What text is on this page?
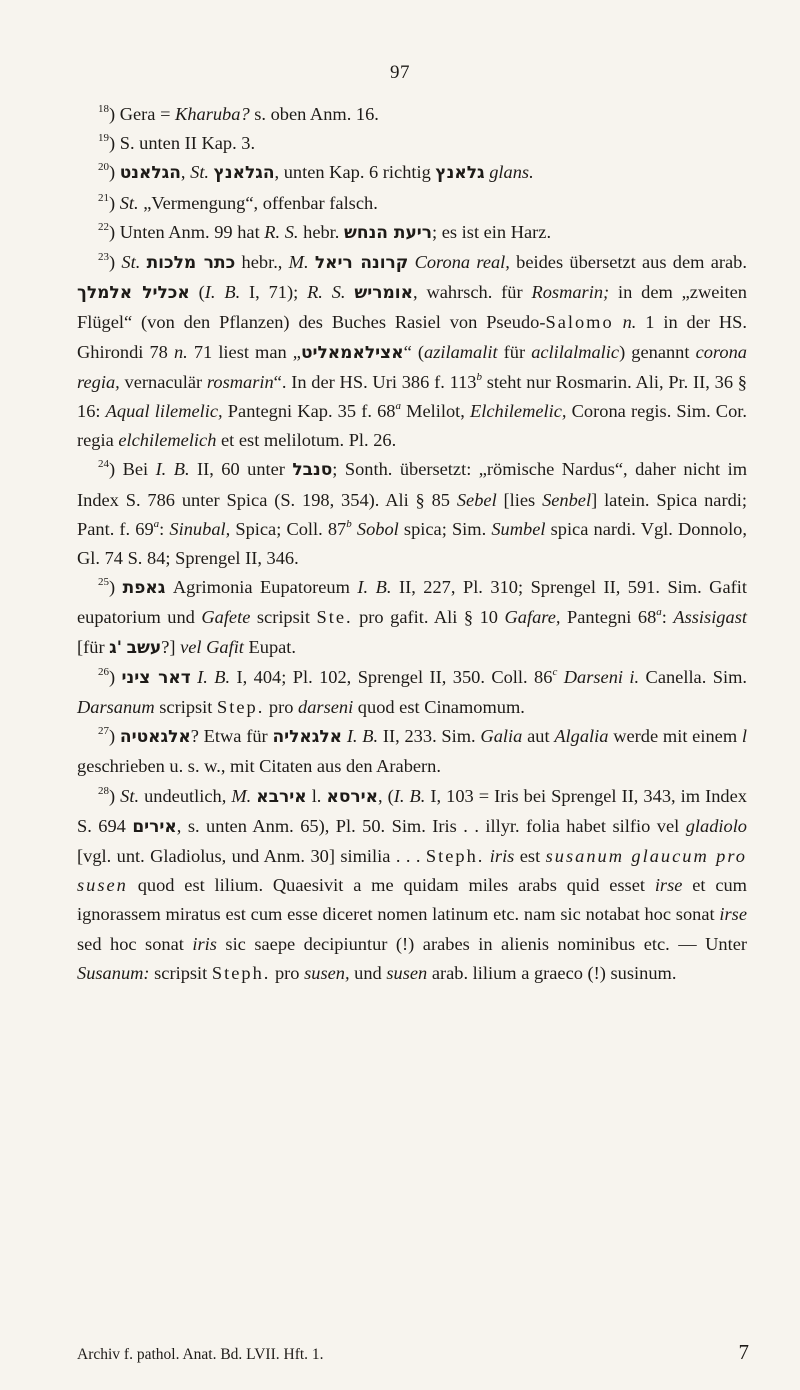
97

$^{18}$) Gera = Kharuba? s. oben Anm. 16.

$^{19}$) S. unten II Kap. 3.

$^{20}$) הגלאנט, St. הגלאנץ, unten Kap. 6 richtig גלאנץ glans.

$^{21}$) St. „Vermengung“, offenbar falsch.

$^{22}$) Unten Anm. 99 hat R. S. hebr. ריעת הנחש; es ist ein Harz.

$^{23}$) St. כתר מלכות hebr., M. קרונה ריאל Corona real, beides übersetzt aus dem arab. אכליל אלמלך (I. B. I, 71); R. S. אומריש, wahrsch. für Rosmarin; in dem „zweiten Flügel“ (von den Pflanzen) des Buches Rasiel von Pseudo-Salomo n. 1 in der HS. Ghirondi 78 n. 71 liest man „אצילאמאליט“ (azilamalit für aclilalmalic) genannt corona regia, vernaculär rosmarin“. In der HS. Uri 386 f. 113$^b$ steht nur Rosmarin. Ali, Pr. II, 36 § 16: Aqual lilemelic, Pantegni Kap. 35 f. 68$^a$ Melilot, Elchilemelic, Corona regis. Sim. Cor. regia elchilemelich et est melilotum. Pl. 26.

$^{24}$) Bei I. B. II, 60 unter סנבל; Sonth. übersetzt: „römische Nardus“, daher nicht im Index S. 786 unter Spica (S. 198, 354). Ali § 85 Sebel [lies Senbel] latein. Spica nardi; Pant. f. 69$^a$: Sinubal, Spica; Coll. 87$^b$ Sobol spica; Sim. Sumbel spica nardi. Vgl. Donnolo, Gl. 74 S. 84; Sprengel II, 346.

$^{25}$) גאפת Agrimonia Eupatoreum I. B. II, 227, Pl. 310; Sprengel II, 591. Sim. Gafit eupatorium und Gafete scripsit Ste. pro gafit. Ali § 10 Gafare, Pantegni 68$^a$: Assisigast [für 'ג עשב?] vel Gafit Eupat.

$^{26}$) דאר ציני I. B. I, 404; Pl. 102, Sprengel II, 350. Coll. 86$^c$ Darseni i. Canella. Sim. Darsanum scripsit Step. pro darseni quod est Cinamomum.

$^{27}$) אלגאטיה? Etwa für אלגאליה I. B. II, 233. Sim. Galia aut Algalia werde mit einem l geschrieben u. s. w., mit Citaten aus den Arabern.

$^{28}$) St. undeutlich, M. אירבא l. אירסא, (I. B. I, 103 = Iris bei Sprengel II, 343, im Index S. 694 אירים, s. unten Anm. 65), Pl. 50. Sim. Iris . . illyr. folia habet silfio vel gladiolo [vgl. unt. Gladiolus, und Anm. 30] similia . . . Steph. iris est susanum glaucum pro susen quod est lilium. Quaesivit a me quidam miles arabs quid esset irse et cum ignorassem miratus est cum esse diceret nomen latinum etc. nam sic notabat hoc sonat irse sed hoc sonat iris sic saepe decipiuntur (!) arabes in alienis nominibus etc. — Unter Susanum: scripsit Steph. pro susen, und susen arab. lilium a graeco (!) susinum.

Archiv f. pathol. Anat. Bd. LVII. Hft. 1.	7
